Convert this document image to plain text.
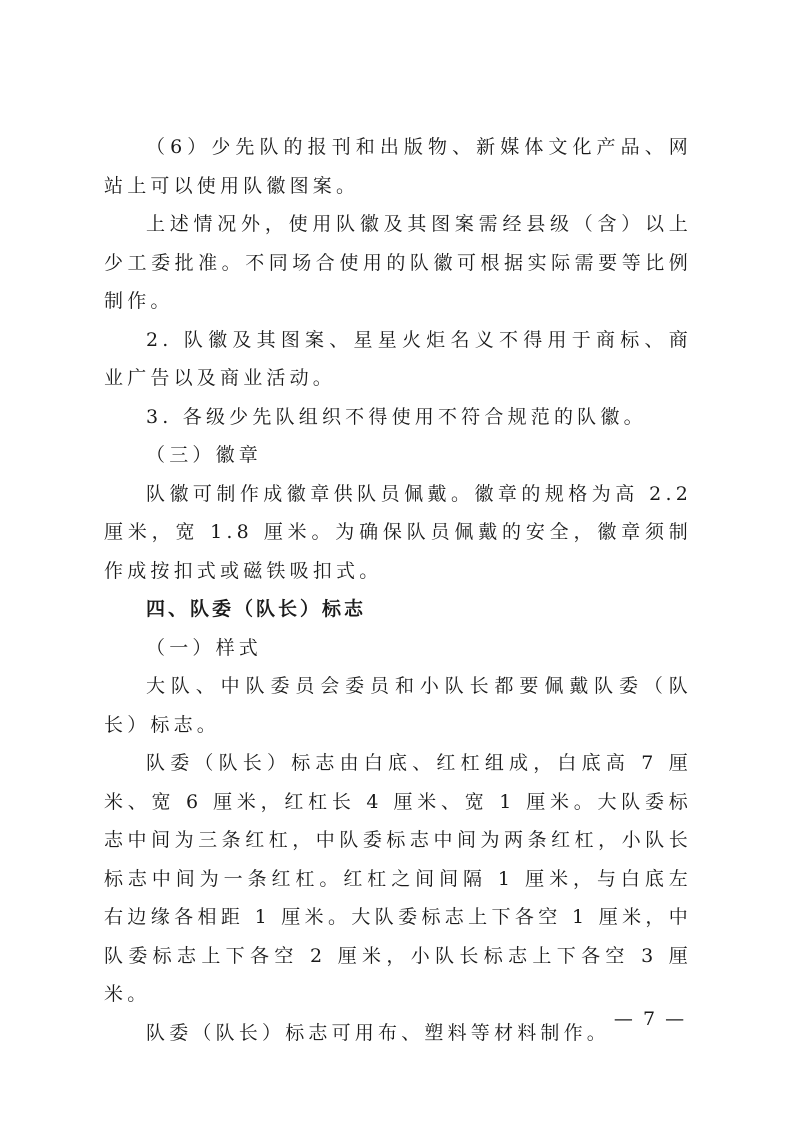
（6）少先队的报刊和出版物、新媒体文化产品、网站上可以使用队徽图案。

上述情况外，使用队徽及其图案需经县级（含）以上少工委批准。不同场合使用的队徽可根据实际需要等比例制作。

2. 队徽及其图案、星星火炬名义不得用于商标、商业广告以及商业活动。

3. 各级少先队组织不得使用不符合规范的队徽。

（三）徽章

队徽可制作成徽章供队员佩戴。徽章的规格为高 2.2 厘米，宽 1.8 厘米。为确保队员佩戴的安全，徽章须制作成按扣式或磁铁吸扣式。

四、队委（队长）标志

（一）样式

大队、中队委员会委员和小队长都要佩戴队委（队长）标志。

队委（队长）标志由白底、红杠组成，白底高 7 厘米、宽 6 厘米，红杠长 4 厘米、宽 1 厘米。大队委标志中间为三条红杠，中队委标志中间为两条红杠，小队长标志中间为一条红杠。红杠之间间隔 1 厘米，与白底左右边缘各相距 1 厘米。大队委标志上下各空 1 厘米，中队委标志上下各空 2 厘米，小队长标志上下各空 3 厘米。

队委（队长）标志可用布、塑料等材料制作。

— 7 —
